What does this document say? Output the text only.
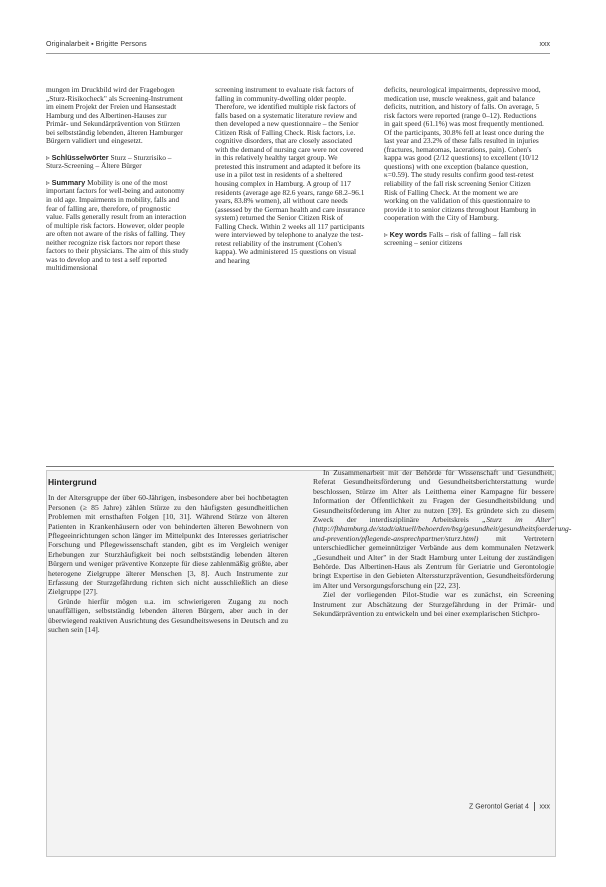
Originalarbeit ▪ Brigitte Persons	xxx

mungen im Druckbild wird der Fragebogen „Sturz-Risikocheck" als Screening-Instrument im einem Projekt der Freien und Hansestadt Hamburg und des Albertinen-Hauses zur Primär- und Sekundärprävention von Stürzen bei selbstständig lebenden, älteren Hamburger Bürgern validiert und eingesetzt.

▹ Schlüsselwörter Sturz – Sturzrisiko – Sturz-Screening – Ältere Bürger

▹ Summary Mobility is one of the most important factors for well-being and autonomy in old age. Impairments in mobility, falls and fear of falling are, therefore, of prognostic value. Falls generally result from an interaction of multiple risk factors. However, older people are often not aware of the risks of falling. They neither recognize risk factors nor report these factors to their physicians. The aim of this study was to develop and to test a self reported multidimensional

screening instrument to evaluate risk factors of falling in community-dwelling older people. Therefore, we identified multiple risk factors of falls based on a systematic literature review and then developed a new questionnaire – the Senior Citizen Risk of Falling Check. Risk factors, i.e. cognitive disorders, that are closely associated with the demand of nursing care were not covered in this relatively healthy target group. We pretested this instrument and adapted it before its use in a pilot test in residents of a sheltered housing complex in Hamburg. A group of 117 residents (average age 82.6 years, range 68.2–96.1 years, 83.8% women), all without care needs (assessed by the German health and care insurance system) returned the Senior Citizen Risk of Falling Check. Within 2 weeks all 117 participants were interviewed by telephone to analyze the test-retest reliability of the instrument (Cohen's kappa). We administered 15 questions on visual and hearing

deficits, neurological impairments, depressive mood, medication use, muscle weakness, gait and balance deficits, nutrition, and history of falls. On average, 5 risk factors were reported (range 0–12). Reductions in gait speed (61.1%) was most frequently mentioned. Of the participants, 30.8% fell at least once during the last year and 23.2% of these falls resulted in injuries (fractures, hematomas, lacerations, pain). Cohen's kappa was good (2/12 questions) to excellent (10/12 questions) with one exception (balance question, κ=0.59). The study results confirm good test-retest reliability of the fall risk screening Senior Citizen Risk of Falling Check. At the moment we are working on the validation of this questionnaire to provide it to senior citizens throughout Hamburg in cooperation with the City of Hamburg.

▹ Key words Falls – risk of falling – fall risk screening – senior citizens

Hintergrund

In der Altersgruppe der über 60-Jährigen, insbesondere aber bei hochbetagten Personen (≥ 85 Jahre) zählen Stürze zu den häufigsten gesundheitlichen Problemen mit ernsthaften Folgen [10, 31]. Während Stürze von älteren Patienten in Krankenhäusern oder von behinderten älteren Bewohnern von Pflegeeinrichtungen schon länger im Mittelpunkt des Interesses geriatrischer Forschung und Pflegewissenschaft standen, gibt es im Vergleich weniger Erhebungen zur Sturzhäufigkeit bei noch selbstständig lebenden älteren Bürgern und weniger präventive Konzepte für diese zahlenmäßig größte, aber heterogene Zielgruppe älterer Menschen [3, 8]. Auch Instrumente zur Erfassung der Sturzgefährdung richten sich nicht ausschließlich an diese Zielgruppe [27].

Gründe hierfür mögen u.a. im schwierigeren Zugang zu noch unauffälligen, selbstständig lebenden älteren Bürgern, aber auch in der überwiegend reaktiven Ausrichtung des Gesundheitswesens in Deutsch and zu suchen sein [14].

In Zusammenarbeit mit der Behörde für Wissenschaft und Gesundheit, Referat Gesundheitsförderung und Gesundheitsberichterstattung wurde beschlossen, Stürze im Alter als Leitthema einer Kampagne für bessere Information der Öffentlichkeit zu Fragen der Gesundheitsbildung und Gesundheitsförderung im Alter zu nutzen [39]. Es gründete sich zu diesem Zweck der interdisziplinäre Arbeitskreis „Sturz im Alter" (http://fhhamburg.de/stadt/aktuell/behoerden/bsg/gesundheit/gesundheitsfoerderung-und-prevention/pflegende-ansprechpartner/sturz.html) mit Vertretern unterschiedlicher gemeinnütziger Verbände aus dem kommunalen Netzwerk „Gesundheit und Alter" in der Stadt Hamburg unter Leitung der zuständigen Behörde. Das Albertinen-Haus als Zentrum für Geriatrie und Gerontologie bringt Expertise in den Gebieten Alterssturzprävention, Gesundheitsförderung im Alter und Versorgungsforschung ein [22, 23].

Ziel der vorliegenden Pilot-Studie war es zunächst, ein Screening Instrument zur Abschätzung der Sturzgefährdung in der Primär- und Sekundärprävention zu entwickeln und bei einer exemplarischen Stichpro-

Z Gerontol Geriat 4 xxx
